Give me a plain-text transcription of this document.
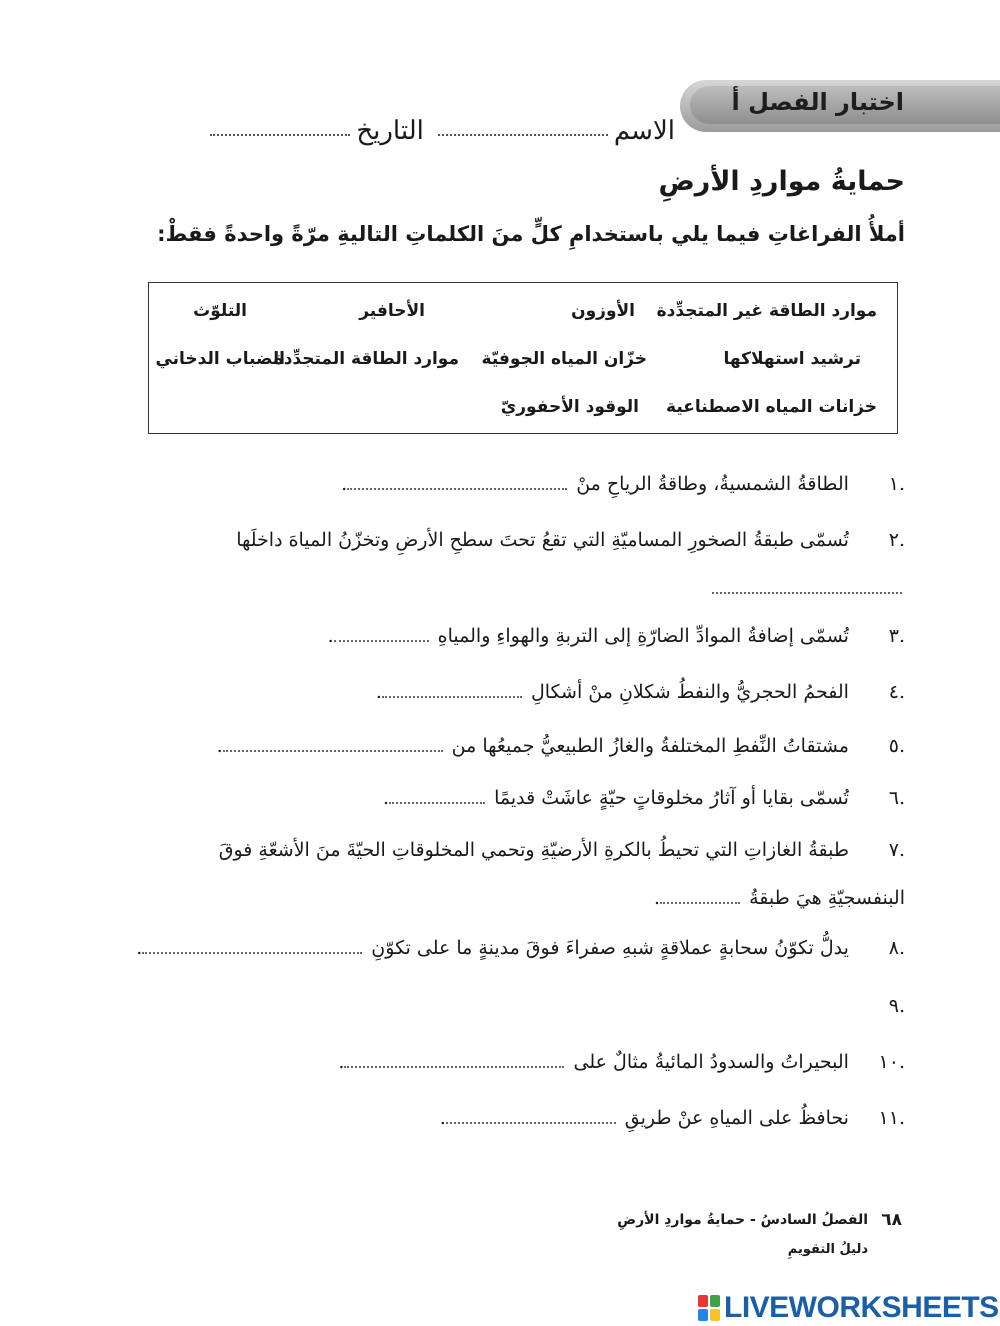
اختبار الفصل أ
الاسم
التاريخ
حمايةُ مواردِ الأرضِ
أملأُ الفراغاتِ فيما يلي باستخدامِ كلٍّ منَ الكلماتِ التاليةِ مرّةً واحدةً فقطْ:
موارد الطاقة غير المتجدِّدة
الأوزون
الأحافير
التلوّث
ترشيد استهلاكها
خزّان المياه الجوفيّة
موارد الطاقة المتجدِّدة
الضباب الدخاني
خزانات المياه الاصطناعية
الوقود الأحفوريّ
.١ الطاقةُ الشمسيةُ، وطاقةُ الرياحِ منْ .
.٢ تُسمّى طبقةُ الصخورِ المساميّةِ التي تقعُ تحتَ سطحِ الأرضِ وتخزّنُ المياهَ داخلَها
.٣ تُسمّى إضافةُ الموادِّ الضارّةِ إلى التربةِ والهواءِ والمياهِ .
.٤ الفحمُ الحجريُّ والنفطُ شكلانِ منْ أشكالِ .
.٥ مشتقاتُ النِّفطِ المختلفةُ والغازُ الطبيعيُّ جميعُها من .
.٦ تُسمّى بقايا أو آثارُ مخلوقاتٍ حيّةٍ عاشَتْ قديمًا .
.٧ طبقةُ الغازاتِ التي تحيطُ بالكرةِ الأرضيّةِ وتحمي المخلوقاتِ الحيّةَ منَ الأشعّةِ فوقَ البنفسجيّةِ هيَ طبقةُ .
.٨ يدلُّ تكوّنُ سحابةٍ عملاقةٍ شبهِ صفراءَ فوقَ مدينةٍ ما على تكوّنِ .
.٩
.١٠ البحيراتُ والسدودُ المائيةُ مثالٌ على .
.١١ نحافظُ على المياهِ عنْ طريقِ .
٦٨
الفصلُ السادسُ - حمايةُ مواردِ الأرضِ
دليلُ التقويمِ
LIVEWORKSHEETS
